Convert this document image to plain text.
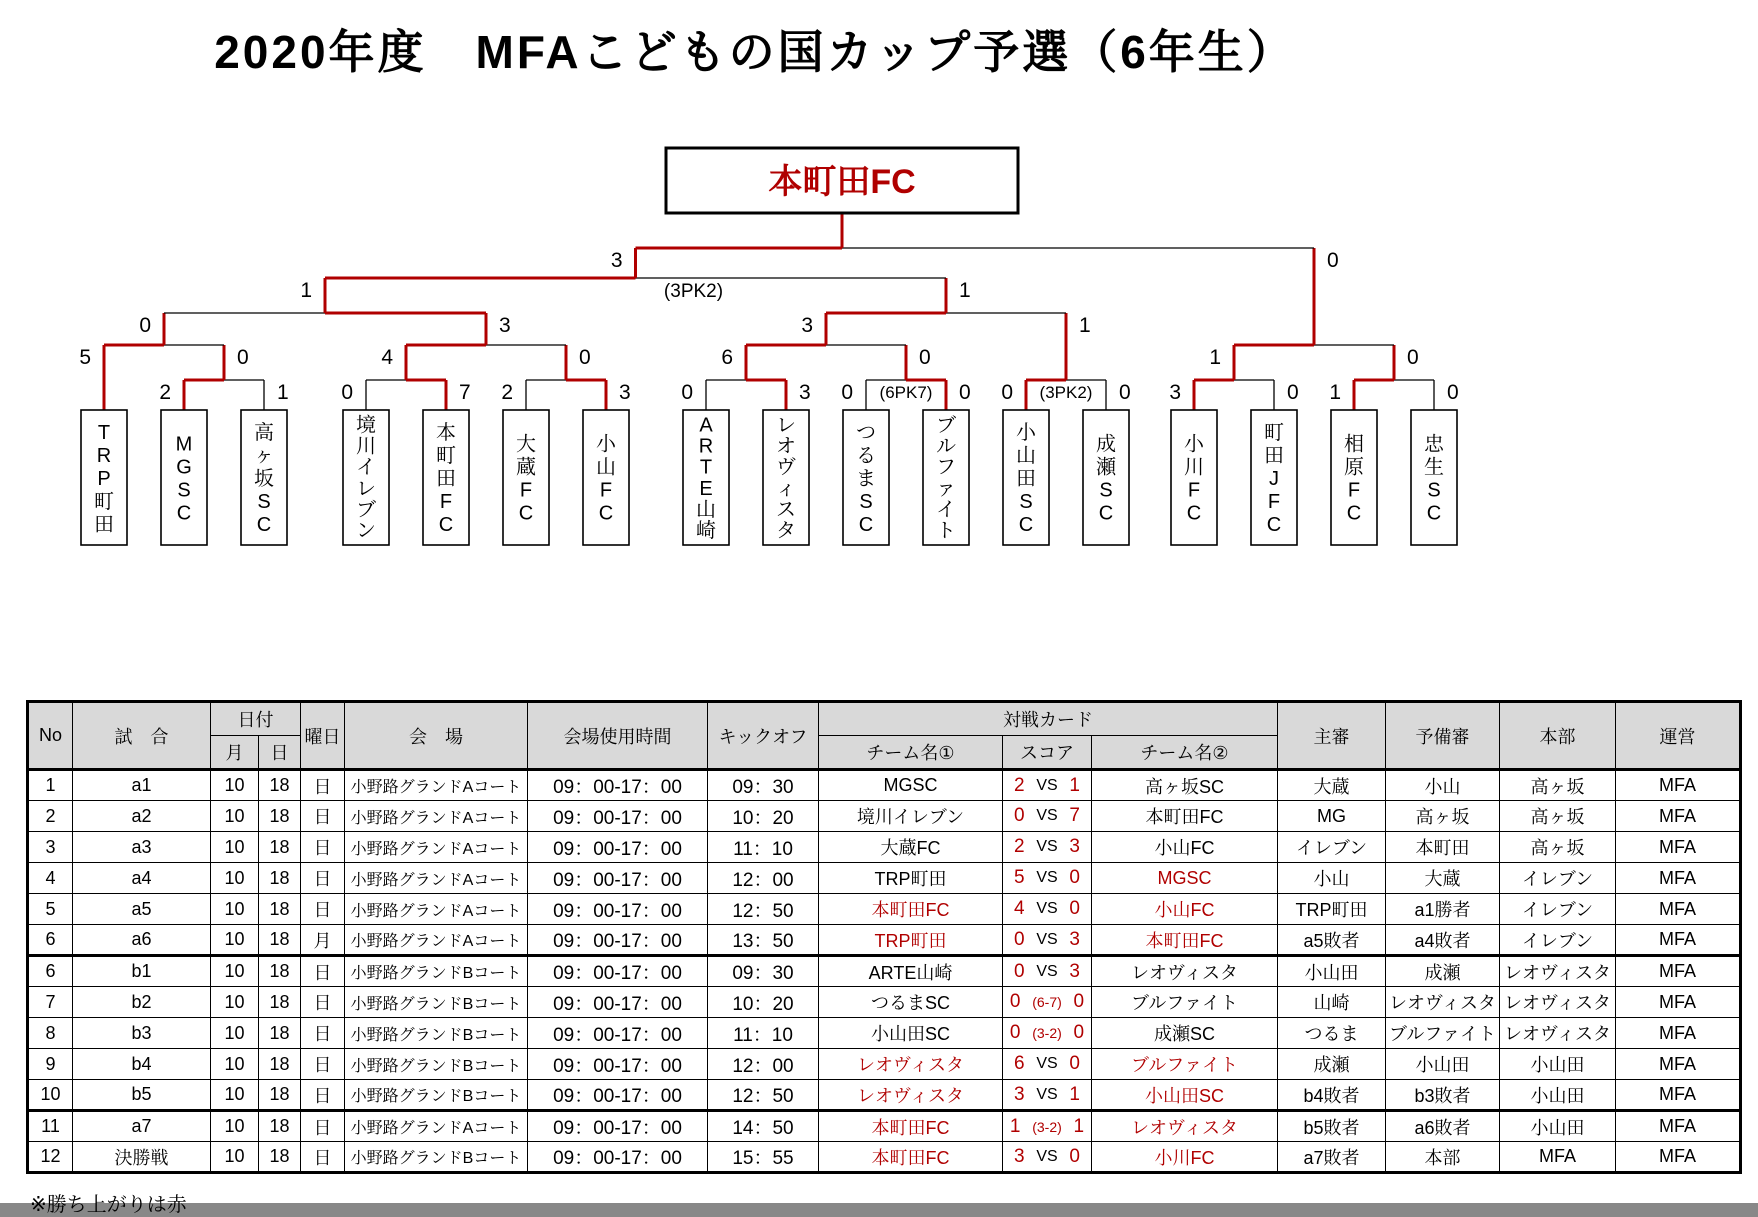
2020年度　MFAこどもの国カップ予選（6年生）
2	1	0	7 2	3 0	3 0	0
(6PK7)	0	0
(3PK2)	3	0 1	0
5	0	4	0	6	0	1	0
0	3	3	1
1	1
(3PK2)
3	0
T
R
P
町
田
M
G
S
C
高
ヶ
坂
S
C
境
川
イ
レ
ブ
ン
本
町
田
F
C
大
蔵
F
C
小
山
F
C
A
R
T
E
山
崎
レ
オ
ヴ
ィ
ス
タ
つ
る
ま
S
C
ブ
ル
フ
ァ
イ
ト
小
山
田
S
C
成
瀬
S
C
小
川
F
C
町
田
J
F
C
相
原
F
C
忠
生
S
C
本町田FC
No	試　合	日付		曜日	会　場	会場使用時間	キックオフ	対戦カード			主審	予備審	本部	運営
		月	日					チーム名①	スコア	チーム名②				
1	a1	10	18	日	小野路グランドAコート	09：00-17：00	09：30	MGSC	2 VS 1	高ヶ坂SC	大蔵	小山	高ヶ坂	MFA
2	a2	10	18	日	小野路グランドAコート	09：00-17：00	10：20	境川イレブン	0 VS 7	本町田FC	MG	高ヶ坂	高ヶ坂	MFA
3	a3	10	18	日	小野路グランドAコート	09：00-17：00	11：10	大蔵FC	2 VS 3	小山FC	イレブン	本町田	高ヶ坂	MFA
4	a4	10	18	日	小野路グランドAコート	09：00-17：00	12：00	TRP町田	5 VS 0	MGSC	小山	大蔵	イレブン	MFA
5	a5	10	18	日	小野路グランドAコート	09：00-17：00	12：50	本町田FC	4 VS 0	小山FC	TRP町田	a1勝者	イレブン	MFA
6	a6	10	18	月	小野路グランドAコート	09：00-17：00	13：50	TRP町田	0 VS 3	本町田FC	a5敗者	a4敗者	イレブン	MFA
6	b1	10	18	日	小野路グランドBコート	09：00-17：00	09：30	ARTE山崎	0 VS 3	レオヴィスタ	小山田	成瀬	レオヴィスタ	MFA
7	b2	10	18	日	小野路グランドBコート	09：00-17：00	10：20	つるまSC	0 (6-7) 0	ブルファイト	山崎	レオヴィスタ	レオヴィスタ	MFA
8	b3	10	18	日	小野路グランドBコート	09：00-17：00	11：10	小山田SC	0 (3-2) 0	成瀬SC	つるま	ブルファイト	レオヴィスタ	MFA
9	b4	10	18	日	小野路グランドBコート	09：00-17：00	12：00	レオヴィスタ	6 VS 0	ブルファイト	成瀬	小山田	小山田	MFA
10	b5	10	18	日	小野路グランドBコート	09：00-17：00	12：50	レオヴィスタ	3 VS 1	小山田SC	b4敗者	b3敗者	小山田	MFA
11	a7	10	18	日	小野路グランドAコート	09：00-17：00	14：50	本町田FC	1 (3-2) 1	レオヴィスタ	b5敗者	a6敗者	小山田	MFA
12	決勝戦	10	18	日	小野路グランドBコート	09：00-17：00	15：55	本町田FC	3 VS 0	小川FC	a7敗者	本部	MFA	MFA
※勝ち上がりは赤
